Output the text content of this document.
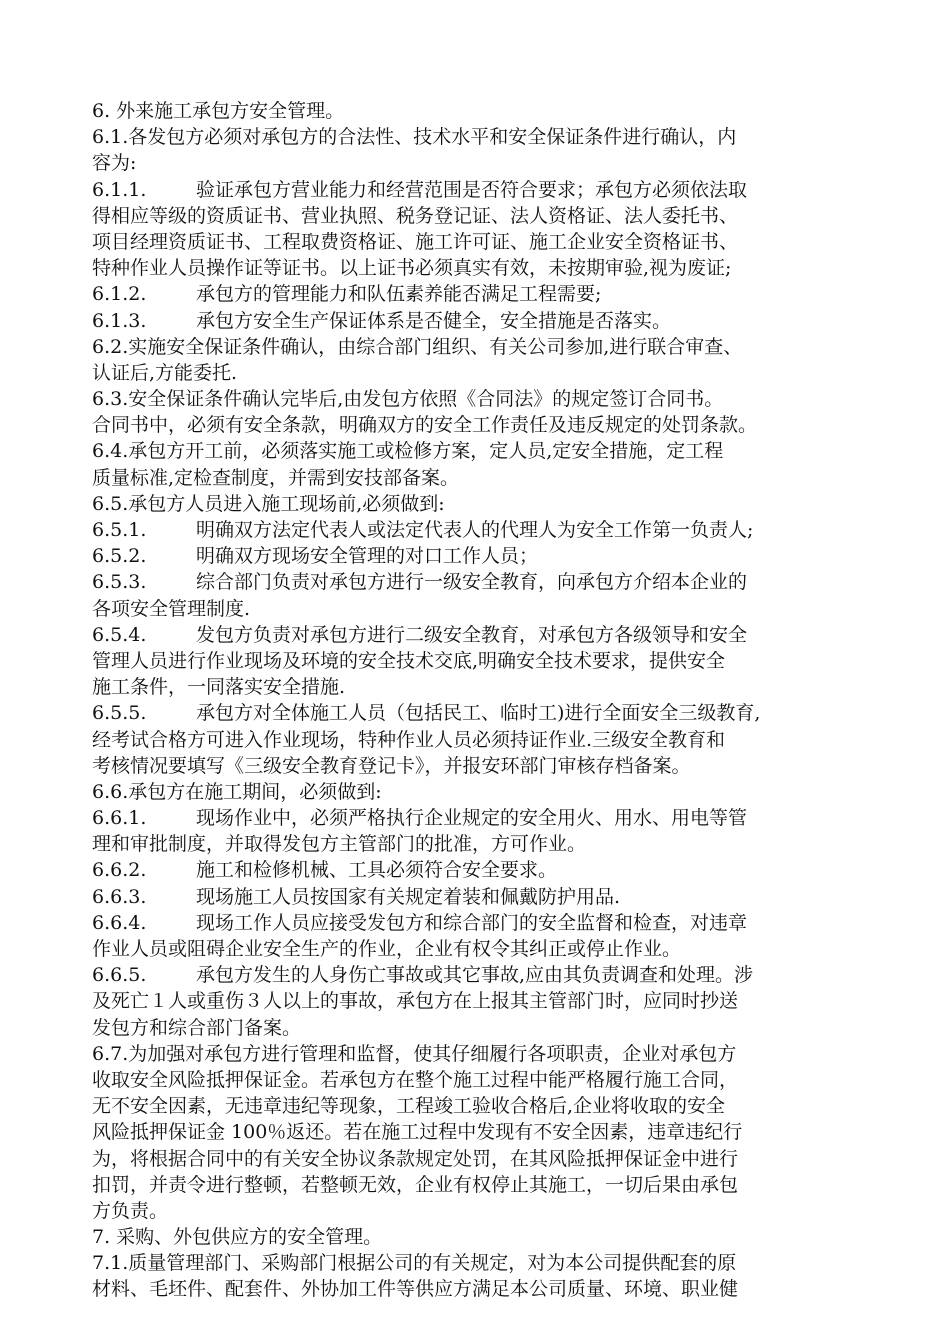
6. 外来施工承包方安全管理。
6.1.各发包方必须对承包方的合法性、技术水平和安全保证条件进行确认，内
容为:
6.1.1.	验证承包方营业能力和经营范围是否符合要求；承包方必须依法取
得相应等级的资质证书、营业执照、税务登记证、法人资格证、法人委托书、
项目经理资质证书、工程取费资格证、施工许可证、施工企业安全资格证书、
特种作业人员操作证等证书。以上证书必须真实有效，未按期审验,视为废证;
6.1.2.	承包方的管理能力和队伍素养能否满足工程需要;
6.1.3.	承包方安全生产保证体系是否健全，安全措施是否落实。
6.2.实施安全保证条件确认，由综合部门组织、有关公司参加,进行联合审查、
认证后,方能委托.
6.3.安全保证条件确认完毕后,由发包方依照《合同法》的规定签订合同书。
合同书中，必须有安全条款，明确双方的安全工作责任及违反规定的处罚条款。
6.4.承包方开工前，必须落实施工或检修方案，定人员,定安全措施，定工程
质量标准,定检查制度，并需到安技部备案。
6.5.承包方人员进入施工现场前,必须做到:
6.5.1.	明确双方法定代表人或法定代表人的代理人为安全工作第一负责人;
6.5.2.	明确双方现场安全管理的对口工作人员；
6.5.3.	综合部门负责对承包方进行一级安全教育，向承包方介绍本企业的
各项安全管理制度.
6.5.4.	发包方负责对承包方进行二级安全教育，对承包方各级领导和安全
管理人员进行作业现场及环境的安全技术交底,明确安全技术要求，提供安全
施工条件，一同落实安全措施.
6.5.5.	承包方对全体施工人员（包括民工、临时工)进行全面安全三级教育,
经考试合格方可进入作业现场，特种作业人员必须持证作业.三级安全教育和
考核情况要填写《三级安全教育登记卡》，并报安环部门审核存档备案。
6.6.承包方在施工期间，必须做到:
6.6.1.	现场作业中，必须严格执行企业规定的安全用火、用水、用电等管
理和审批制度，并取得发包方主管部门的批准，方可作业。
6.6.2.	施工和检修机械、工具必须符合安全要求。
6.6.3.	现场施工人员按国家有关规定着装和佩戴防护用品.
6.6.4.	现场工作人员应接受发包方和综合部门的安全监督和检查，对违章
作业人员或阻碍企业安全生产的作业，企业有权令其纠正或停止作业。
6.6.5.	承包方发生的人身伤亡事故或其它事故,应由其负责调查和处理。涉
及死亡１人或重伤３人以上的事故，承包方在上报其主管部门时，应同时抄送
发包方和综合部门备案。
6.7.为加强对承包方进行管理和监督，使其仔细履行各项职责，企业对承包方
收取安全风险抵押保证金。若承包方在整个施工过程中能严格履行施工合同，
无不安全因素，无违章违纪等现象，工程竣工验收合格后,企业将收取的安全
风险抵押保证金 100％返还。若在施工过程中发现有不安全因素，违章违纪行
为，将根据合同中的有关安全协议条款规定处罚，在其风险抵押保证金中进行
扣罚，并责令进行整顿，若整顿无效，企业有权停止其施工，一切后果由承包
方负责。
7. 采购、外包供应方的安全管理。
7.1.质量管理部门、采购部门根据公司的有关规定，对为本公司提供配套的原
材料、毛坯件、配套件、外协加工件等供应方满足本公司质量、环境、职业健
